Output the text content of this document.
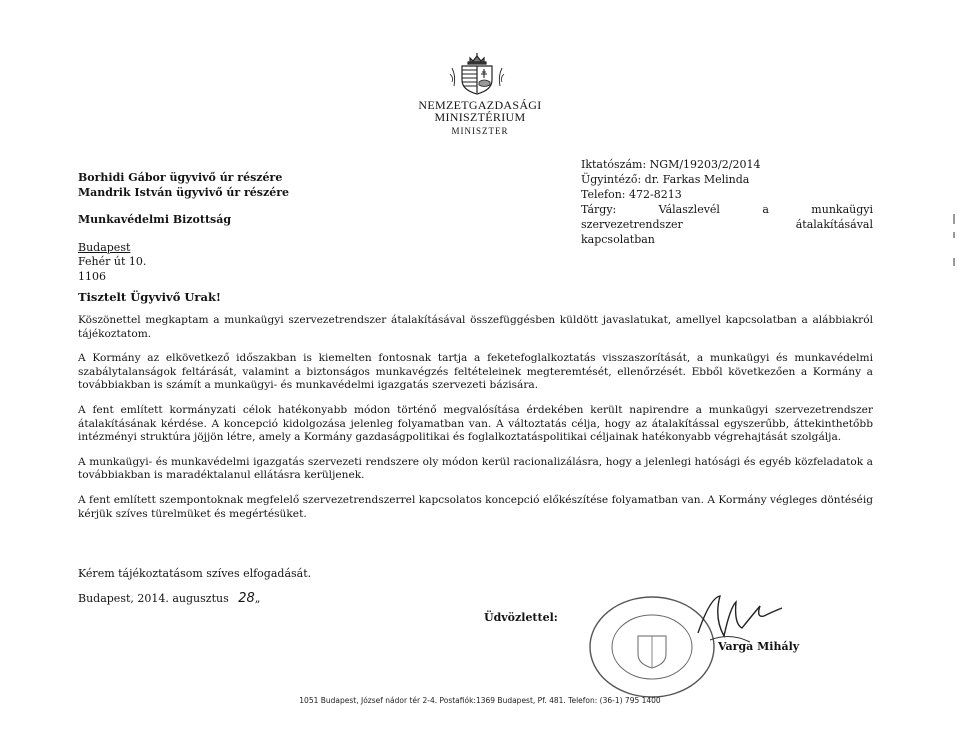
NEMZETGAZDASÁGI
MINISZTÉRIUM
MINISZTER
Borhidi Gábor ügyvivő úr részére
Mandrik István ügyvivő úr részére
Munkavédelmi Bizottság
Budapest
Fehér út 10.
1106
Iktatószám: NGM/19203/2/2014
Ügyintéző: dr. Farkas Melinda
Telefon: 472-8213
Tárgy: Válaszlevél a munkaügyi
szervezetrendszer átalakításával
kapcsolatban
Tisztelt Ügyvivő Urak!

Köszönettel megkaptam a munkaügyi szervezetrendszer átalakításával összefüggésben küldött javaslatukat, amellyel kapcsolatban a alábbiakról tájékoztatom.

A Kormány az elkövetkező időszakban is kiemelten fontosnak tartja a feketefoglalkoztatás visszaszorítását, a munkaügyi és munkavédelmi szabálytalanságok feltárását, valamint a biztonságos munkavégzés feltételeinek megteremtését, ellenőrzését. Ebből következően a Kormány a továbbiakban is számít a munkaügyi- és munkavédelmi igazgatás szervezeti bázisára.

A fent említett kormányzati célok hatékonyabb módon történő megvalósítása érdekében került napirendre a munkaügyi szervezetrendszer átalakításának kérdése. A koncepció kidolgozása jelenleg folyamatban van. A változtatás célja, hogy az átalakítással egyszerűbb, áttekinthetőbb intézményi struktúra jöjjön létre, amely a Kormány gazdaságpolitikai és foglalkoztatáspolitikai céljainak hatékonyabb végrehajtását szolgálja.

A munkaügyi- és munkavédelmi igazgatás szervezeti rendszere oly módon kerül racionalizálásra, hogy a jelenlegi hatósági és egyéb közfeladatok a továbbiakban is maradéktalanul ellátásra kerüljenek.

A fent említett szempontoknak megfelelő szervezetrendszerrel kapcsolatos koncepció előkészítése folyamatban van. A Kormány végleges döntéséig kérjük szíves türelmüket és megértésüket.

Kérem tájékoztatásom szíves elfogadását.
Budapest, 2014. augusztus 28„
Üdvözlettel:
Varga Mihály
1051 Budapest, József nádor tér 2-4. Postafiók:1369 Budapest, Pf. 481. Telefon: (36-1) 795 1400
